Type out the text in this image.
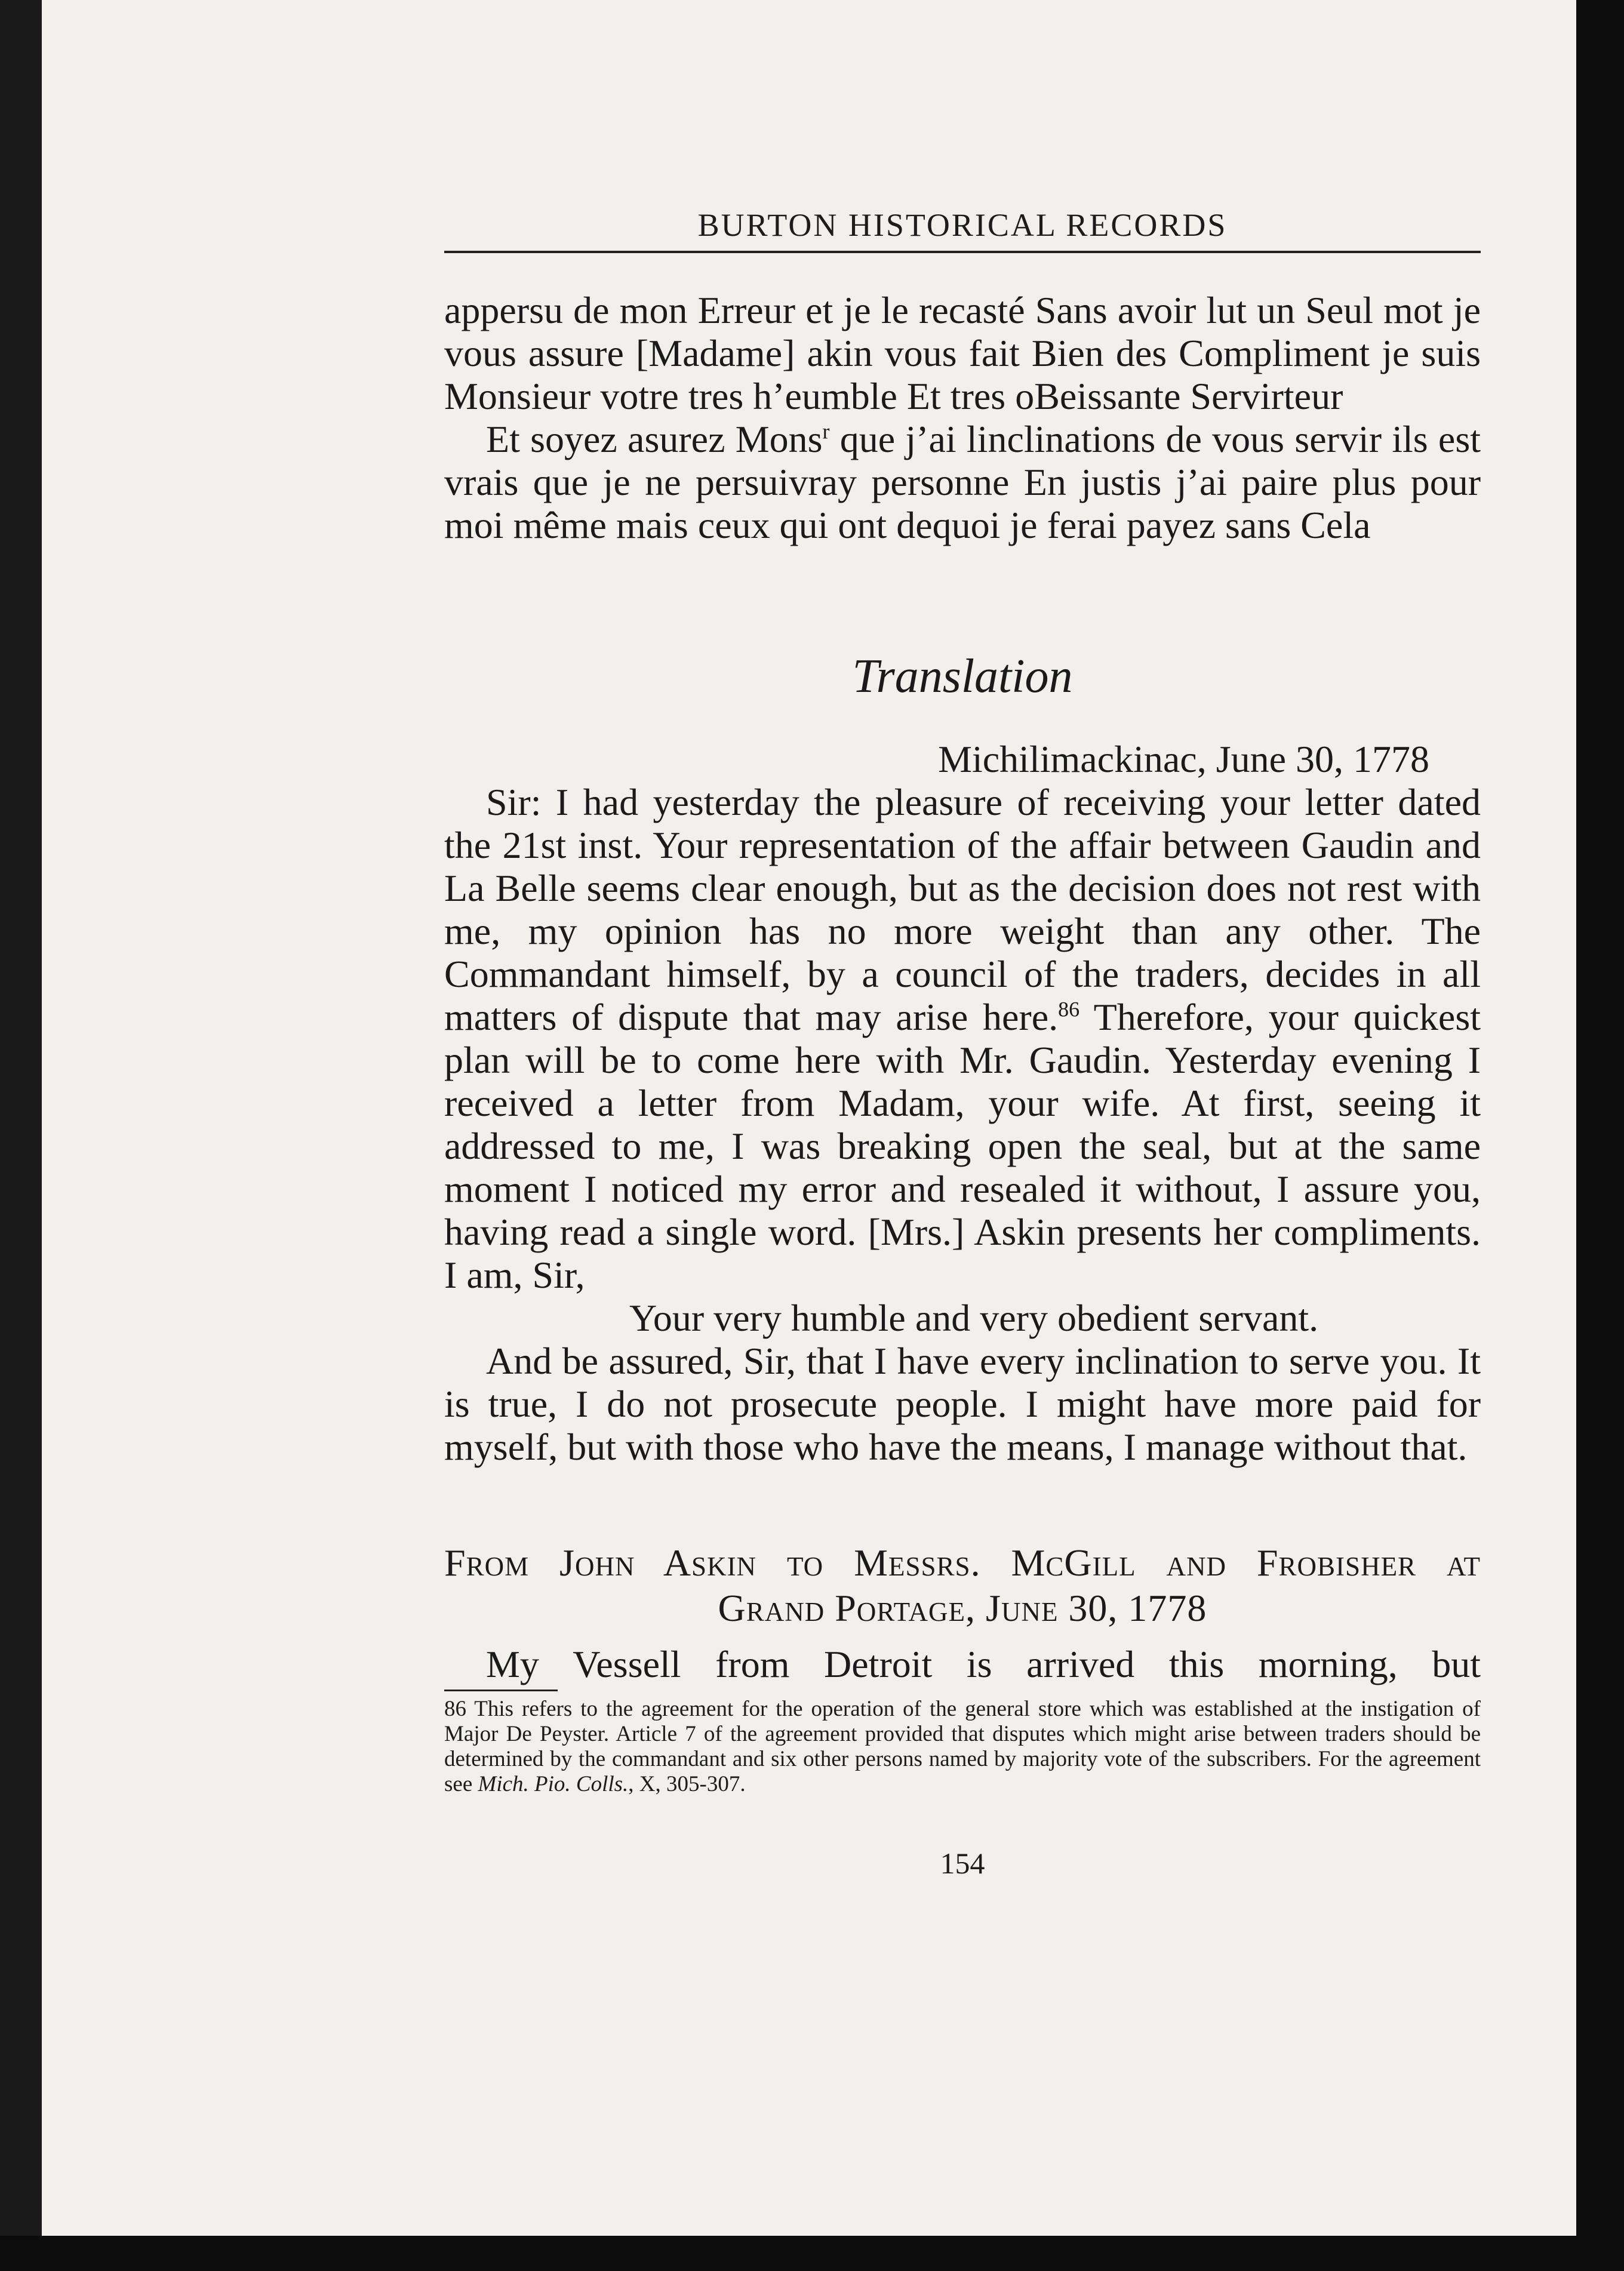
BURTON HISTORICAL RECORDS

appersu de mon Erreur et je le recasté Sans avoir lut un Seul mot je vous assure [Madame] akin vous fait Bien des Compliment je suis Monsieur votre tres h’eumble Et tres oBeissante Servirteur

Et soyez asurez Mons$^r$ que j’ai linclinations de vous servir ils est vrais que je ne persuivray personne En justis j’ai paire plus pour moi même mais ceux qui ont dequoi je ferai payez sans Cela

Translation

Michilimackinac, June 30, 1778

Sir: I had yesterday the pleasure of receiving your letter dated the 21st inst. Your representation of the affair between Gaudin and La Belle seems clear enough, but as the decision does not rest with me, my opinion has no more weight than any other. The Commandant himself, by a council of the traders, decides in all matters of dispute that may arise here.$^{86}$ Therefore, your quickest plan will be to come here with Mr. Gaudin. Yesterday evening I received a letter from Madam, your wife. At first, seeing it addressed to me, I was breaking open the seal, but at the same moment I noticed my error and resealed it without, I assure you, having read a single word. [Mrs.] Askin presents her compliments. I am, Sir,

Your very humble and very obedient servant.

And be assured, Sir, that I have every inclination to serve you. It is true, I do not prosecute people. I might have more paid for myself, but with those who have the means, I manage without that.

From John Askin to Messrs. McGill and Frobisher at
Grand Portage, June 30, 1778

My Vessell from Detroit is arrived this morning, but

86 This refers to the agreement for the operation of the general store which was established at the instigation of Major De Peyster. Article 7 of the agreement provided that disputes which might arise between traders should be determined by the commandant and six other persons named by majority vote of the subscribers. For the agreement see Mich. Pio. Colls., X, 305-307.
154
